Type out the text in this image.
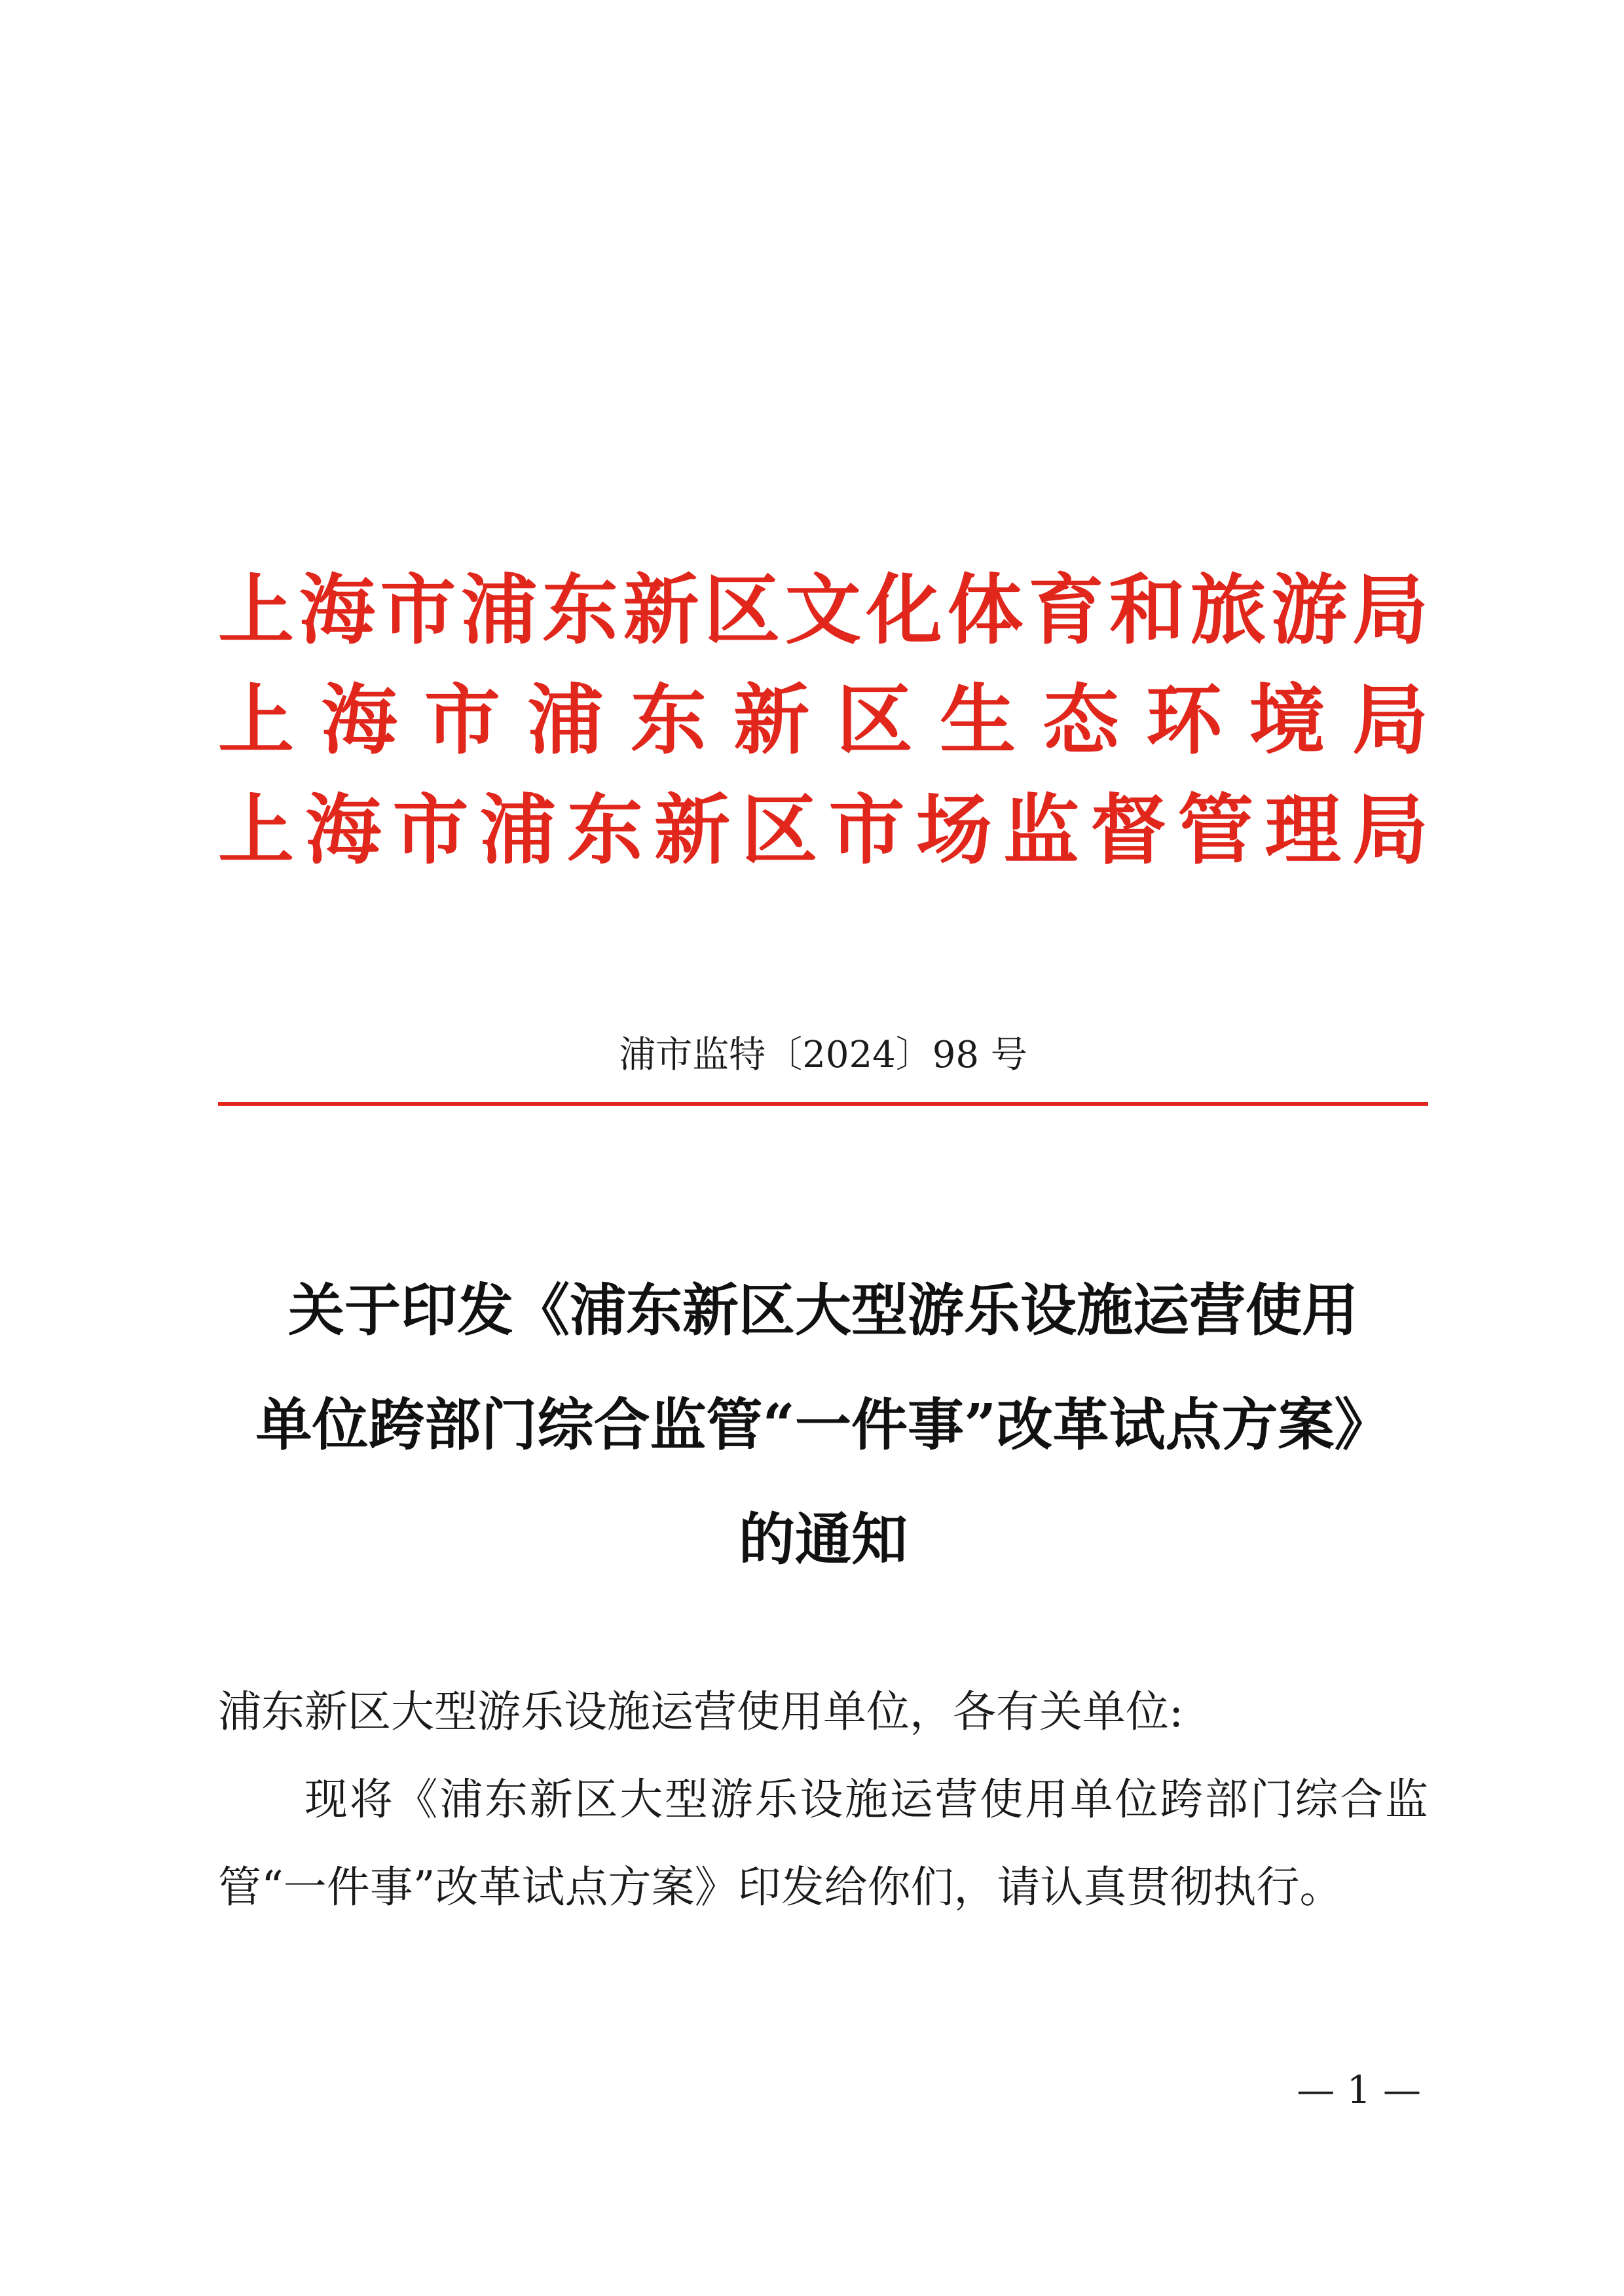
上 海 市 浦 东 新 区 文 化 体 育 和 旅 游 局
上 海 市 浦 东 新 区 生 态 环 境 局
上 海 市 浦 东 新 区 市 场 监 督 管 理 局
浦市监特〔2024〕98 号
关于印发《浦东新区大型游乐设施运营使用
单位跨部门综合监管“一件事”改革试点方案》
的通知
浦东新区大型游乐设施运营使用单位，各有关单位:
现将《浦东新区大型游乐设施运营使用单位跨部门综合监管“一件事”改革试点方案》印发给你们，请认真贯彻执行。
— 1 —
